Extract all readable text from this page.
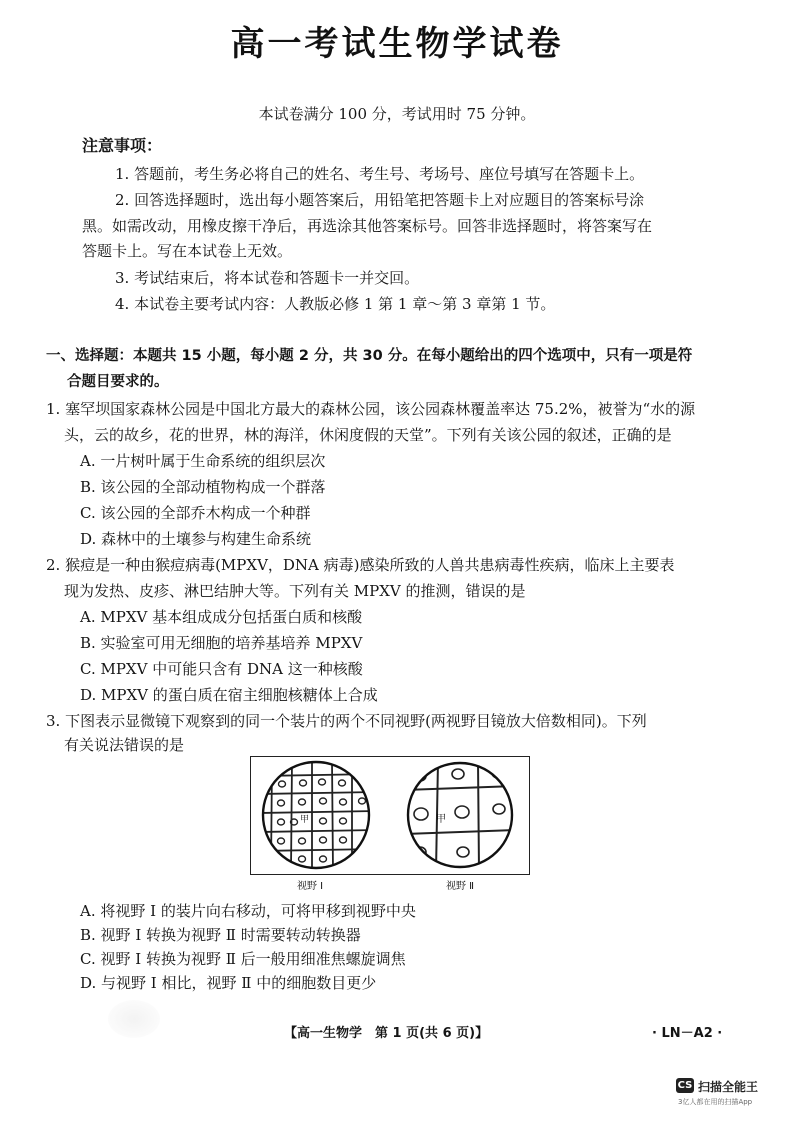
高一考试生物学试卷
本试卷满分 100 分，考试用时 75 分钟。
注意事项：
1. 答题前，考生务必将自己的姓名、考生号、考场号、座位号填写在答题卡上。
2. 回答选择题时，选出每小题答案后，用铅笔把答题卡上对应题目的答案标号涂
黑。如需改动，用橡皮擦干净后，再选涂其他答案标号。回答非选择题时，将答案写在
答题卡上。写在本试卷上无效。
3. 考试结束后，将本试卷和答题卡一并交回。
4. 本试卷主要考试内容：人教版必修 1 第 1 章～第 3 章第 1 节。
一、选择题：本题共 15 小题，每小题 2 分，共 30 分。在每小题给出的四个选项中，只有一项是符
合题目要求的。
1. 塞罕坝国家森林公园是中国北方最大的森林公园，该公园森林覆盖率达 75.2%，被誉为“水的源
头，云的故乡，花的世界，林的海洋，休闲度假的天堂”。下列有关该公园的叙述，正确的是
A. 一片树叶属于生命系统的组织层次
B. 该公园的全部动植物构成一个群落
C. 该公园的全部乔木构成一个种群
D. 森林中的土壤参与构建生命系统
2. 猴痘是一种由猴痘病毒(MPXV，DNA 病毒)感染所致的人兽共患病毒性疾病，临床上主要表
现为发热、皮疹、淋巴结肿大等。下列有关 MPXV 的推测，错误的是
A. MPXV 基本组成成分包括蛋白质和核酸
B. 实验室可用无细胞的培养基培养 MPXV
C. MPXV 中可能只含有 DNA 这一种核酸
D. MPXV 的蛋白质在宿主细胞核糖体上合成
3. 下图表示显微镜下观察到的同一个装片的两个不同视野(两视野目镜放大倍数相同)。下列
有关说法错误的是
甲	甲
视野 Ⅰ	视野 Ⅱ
A. 将视野 Ⅰ 的装片向右移动，可将甲移到视野中央
B. 视野 Ⅰ 转换为视野 Ⅱ 时需要转动转换器
C. 视野 Ⅰ 转换为视野 Ⅱ 后一般用细准焦螺旋调焦
D. 与视野 Ⅰ 相比，视野 Ⅱ 中的细胞数目更少
【高一生物学　第 1 页(共 6 页)】	· LN－A2 ·
CS 扫描全能王
3亿人都在用的扫描App
